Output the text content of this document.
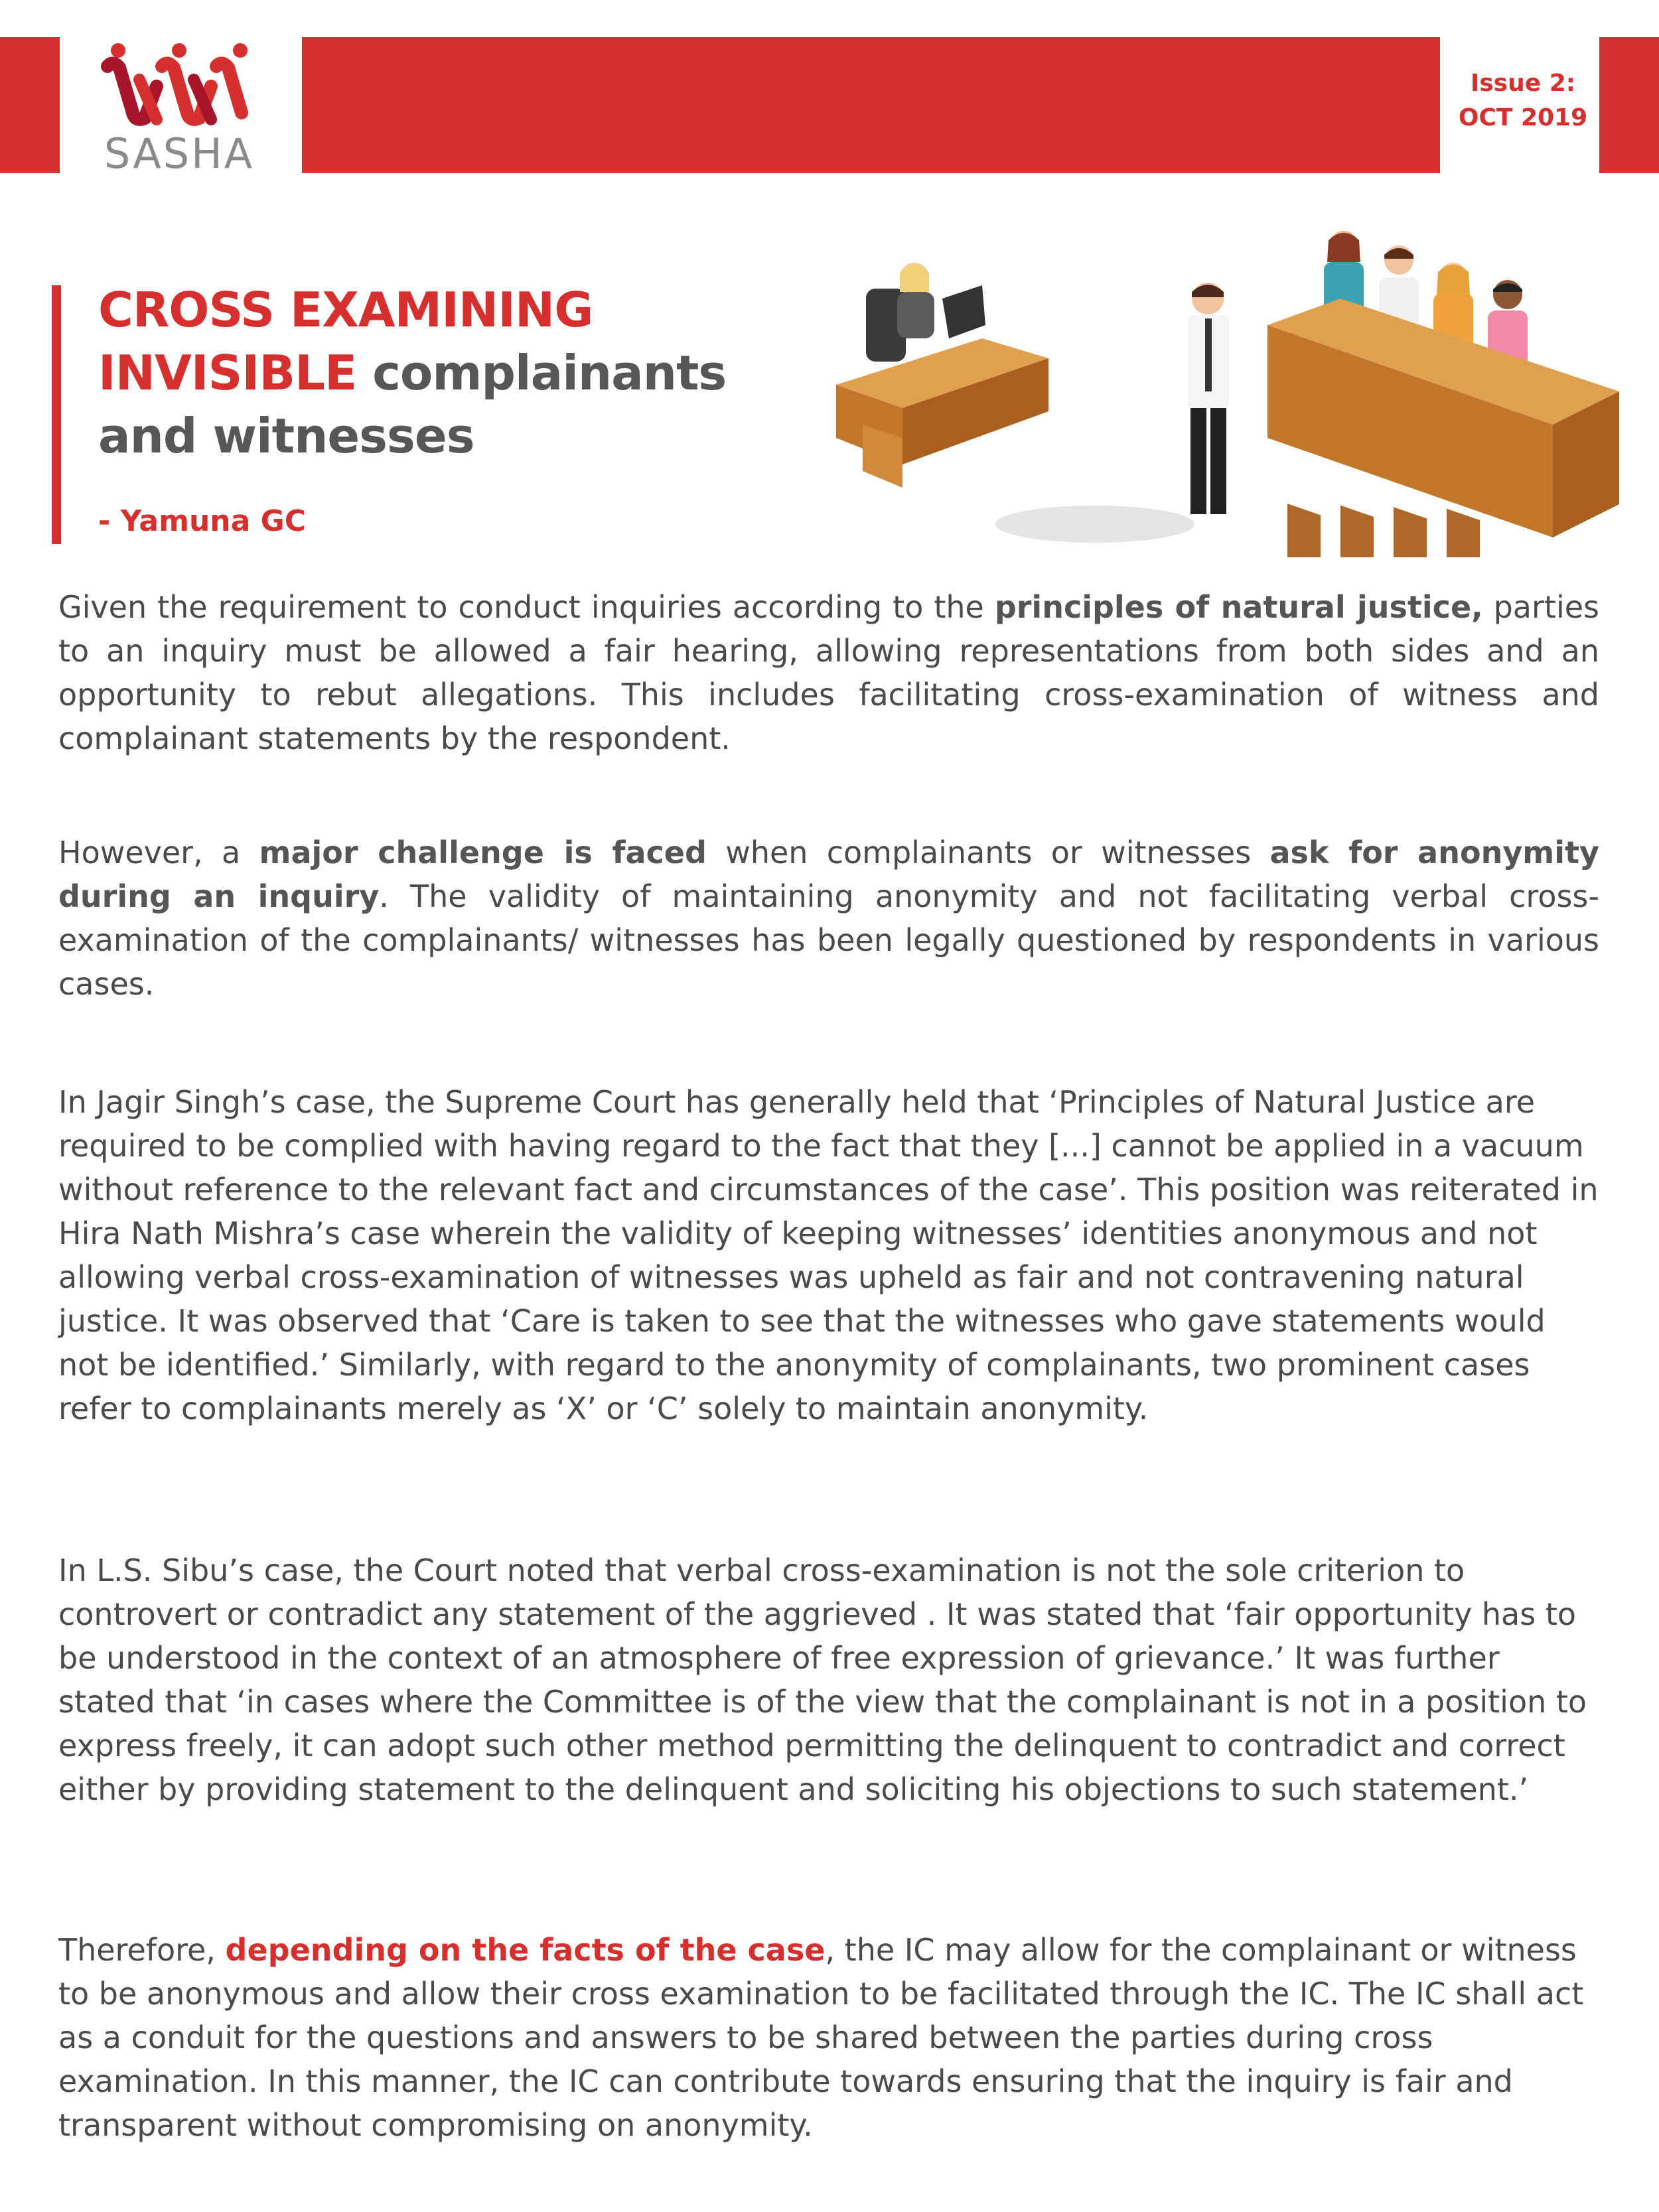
SASHA
Issue 2:
OCT 2019
CROSS EXAMINING
INVISIBLE complainants
and witnesses
- Yamuna GC

Given the requirement to conduct inquiries according to the principles of natural justice, parties to an inquiry must be allowed a fair hearing, allowing representations from both sides and an opportunity to rebut allegations. This includes facilitating cross-examination of witness and complainant statements by the respondent.

However, a major challenge is faced when complainants or witnesses ask for anonymity during an inquiry. The validity of maintaining anonymity and not facilitating verbal cross-examination of the complainants/ witnesses has been legally questioned by respondents in various cases.

In Jagir Singh’s case, the Supreme Court has generally held that ‘Principles of Natural Justice are required to be complied with having regard to the fact that they [...] cannot be applied in a vacuum without reference to the relevant fact and circumstances of the case’. This position was reiterated in Hira Nath Mishra’s case wherein the validity of keeping witnesses’ identities anonymous and not allowing verbal cross-examination of witnesses was upheld as fair and not contravening natural justice. It was observed that ‘Care is taken to see that the witnesses who gave statements would not be identified.’ Similarly, with regard to the anonymity of complainants, two prominent cases refer to complainants merely as ‘X’ or ‘C’ solely to maintain anonymity.

In L.S. Sibu’s case, the Court noted that verbal cross-examination is not the sole criterion to controvert or contradict any statement of the aggrieved . It was stated that ‘fair opportunity has to be understood in the context of an atmosphere of free expression of grievance.’ It was further stated that ‘in cases where the Committee is of the view that the complainant is not in a position to express freely, it can adopt such other method permitting the delinquent to contradict and correct either by providing statement to the delinquent and soliciting his objections to such statement.’

Therefore, depending on the facts of the case, the IC may allow for the complainant or witness to be anonymous and allow their cross examination to be facilitated through the IC. The IC shall act as a conduit for the questions and answers to be shared between the parties during cross examination. In this manner, the IC can contribute towards ensuring that the inquiry is fair and transparent without compromising on anonymity.
